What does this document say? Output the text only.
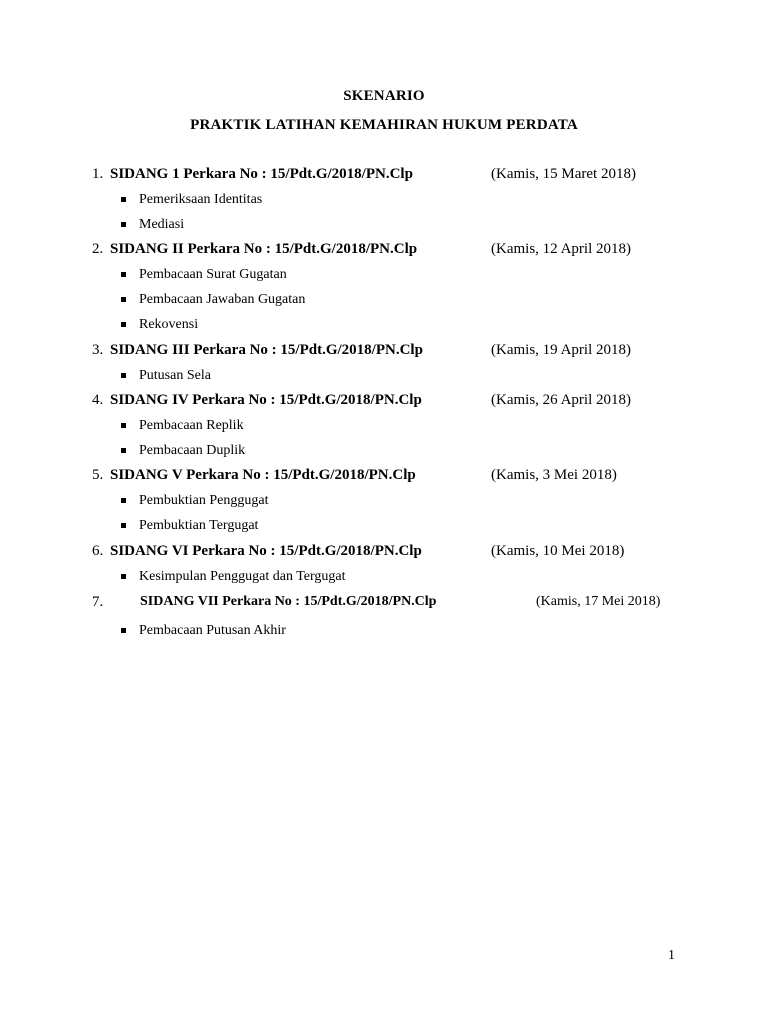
SKENARIO
PRAKTIK LATIHAN KEMAHIRAN HUKUM PERDATA
1. SIDANG 1 Perkara No : 15/Pdt.G/2018/PN.Clp	(Kamis, 15 Maret 2018)
Pemeriksaan Identitas
Mediasi
2. SIDANG II Perkara No : 15/Pdt.G/2018/PN.Clp	(Kamis, 12 April 2018)
Pembacaan Surat Gugatan
Pembacaan Jawaban Gugatan
Rekovensi
3. SIDANG III Perkara No : 15/Pdt.G/2018/PN.Clp	(Kamis, 19 April 2018)
Putusan Sela
4. SIDANG IV Perkara No : 15/Pdt.G/2018/PN.Clp	(Kamis, 26 April 2018)
Pembacaan Replik
Pembacaan Duplik
5. SIDANG V Perkara No : 15/Pdt.G/2018/PN.Clp	(Kamis, 3 Mei 2018)
Pembuktian Penggugat
Pembuktian Tergugat
6. SIDANG VI Perkara No : 15/Pdt.G/2018/PN.Clp	(Kamis, 10 Mei 2018)
Kesimpulan Penggugat dan Tergugat
7.	SIDANG VII Perkara No : 15/Pdt.G/2018/PN.Clp	(Kamis, 17 Mei 2018)
Pembacaan Putusan Akhir
1
